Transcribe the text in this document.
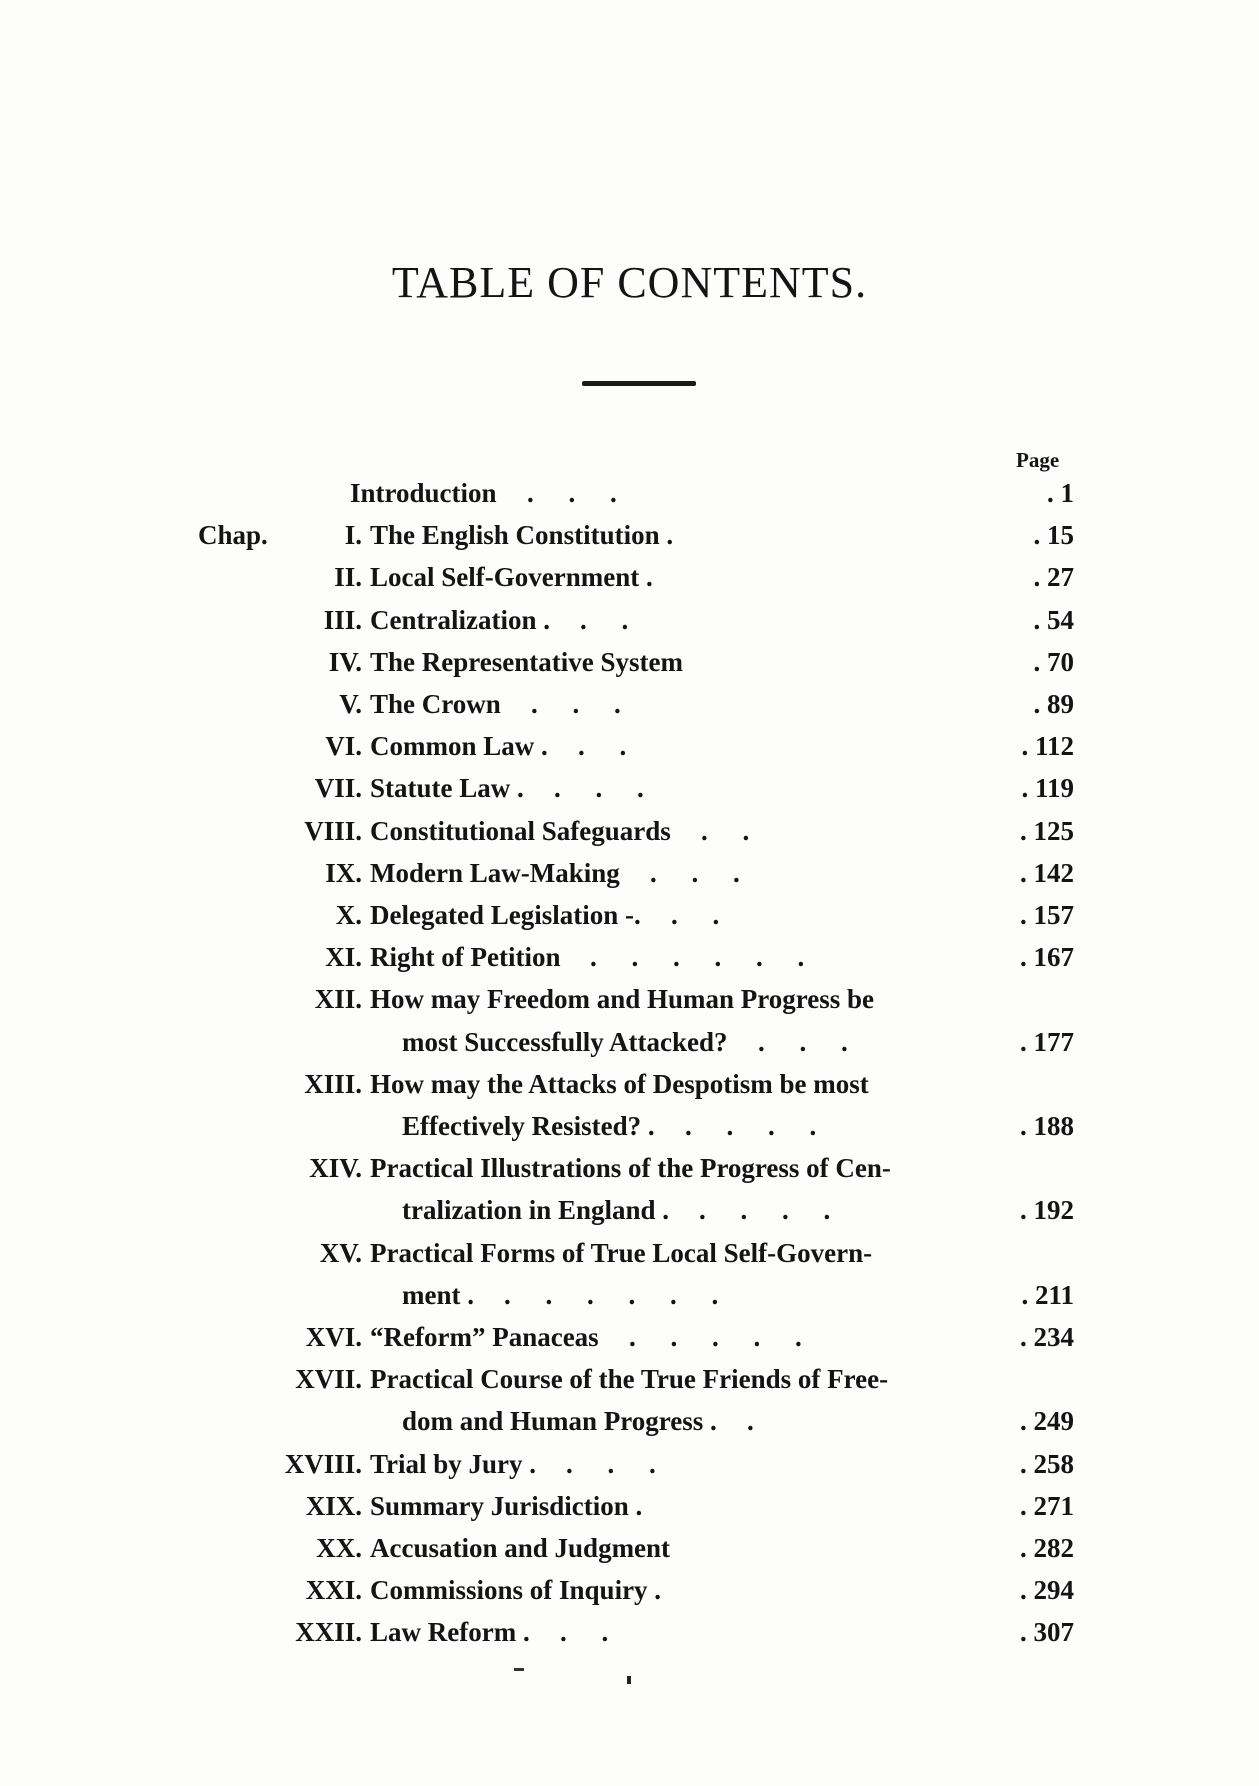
TABLE OF CONTENTS.
Page
Introduction . . .	. 1
Chap.	I. The English Constitution .	. 15
II. Local Self-Government .	. 27
III. Centralization . . .	. 54
IV. The Representative System	. 70
V. The Crown . . .	. 89
VI. Common Law . . .	. 112
VII. Statute Law . . . .	. 119
VIII. Constitutional Safeguards . .	. 125
IX. Modern Law-Making . . .	. 142
X. Delegated Legislation -. . .	. 157
XI. Right of Petition . . . . . .	. 167
XII. How may Freedom and Human Progress be
most Successfully Attacked? . . .	. 177
XIII. How may the Attacks of Despotism be most
Effectively Resisted? . . . . .	. 188
XIV. Practical Illustrations of the Progress of Cen-
tralization in England . . . . .	. 192
XV. Practical Forms of True Local Self-Govern-
ment . . . . . . .	. 211
XVI. “Reform” Panaceas . . . . .	. 234
XVII. Practical Course of the True Friends of Free-
dom and Human Progress . .	. 249
XVIII. Trial by Jury . . . .	. 258
XIX. Summary Jurisdiction .	. 271
XX. Accusation and Judgment	. 282
XXI. Commissions of Inquiry .	. 294
XXII. Law Reform . . .	. 307
